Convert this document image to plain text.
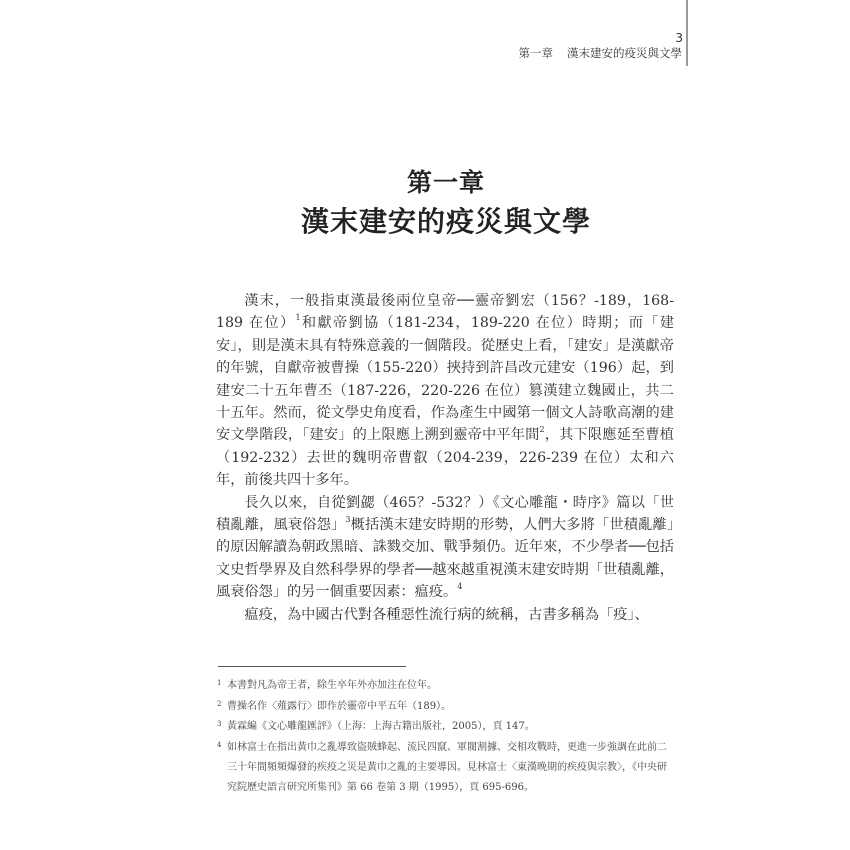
3
第一章 漢末建安的疫災與文學
第一章
漢末建安的疫災與文學

漢末，一般指東漢最後兩位皇帝──靈帝劉宏（156？-189，168-189 在位）$^1$和獻帝劉協（181-234，189-220 在位）時期；而「建安」，則是漢末具有特殊意義的一個階段。從歷史上看，「建安」是漢獻帝的年號，自獻帝被曹操（155-220）挾持到許昌改元建安（196）起，到建安二十五年曹丕（187-226，220-226 在位）篡漢建立魏國止，共二十五年。然而，從文學史角度看，作為產生中國第一個文人詩歌高潮的建安文學階段，「建安」的上限應上溯到靈帝中平年間$^2$，其下限應延至曹植（192-232）去世的魏明帝曹叡（204-239，226-239 在位）太和六年，前後共四十多年。

長久以來，自從劉勰（465？-532？）《文心雕龍・時序》篇以「世積亂離，風衰俗怨」$^3$概括漢末建安時期的形勢，人們大多將「世積亂離」的原因解讀為朝政黑暗、誅戮交加、戰爭頻仍。近年來，不少學者──包括文史哲學界及自然科學界的學者──越來越重視漢末建安時期「世積亂離，風衰俗怨」的另一個重要因素：瘟疫。$^4$

瘟疫，為中國古代對各種惡性流行病的統稱，古書多稱為「疫」、

1 本書對凡為帝王者，除生卒年外亦加注在位年。
2 曹操名作〈薤露行〉即作於靈帝中平五年（189）。
3 黃霖編《文心雕龍匯評》（上海：上海古籍出版社，2005），頁 147。
4 如林富士在指出黃巾之亂導致盜賊蜂起、流民四竄、軍閥割據、交相攻戰時，更進一步強調在此前二三十年間頻頻爆發的疾疫之災是黃巾之亂的主要導因。見林富士〈東漢晚期的疾疫與宗教〉，《中央研究院歷史語言研究所集刊》第 66 卷第 3 期（1995），頁 695-696。
